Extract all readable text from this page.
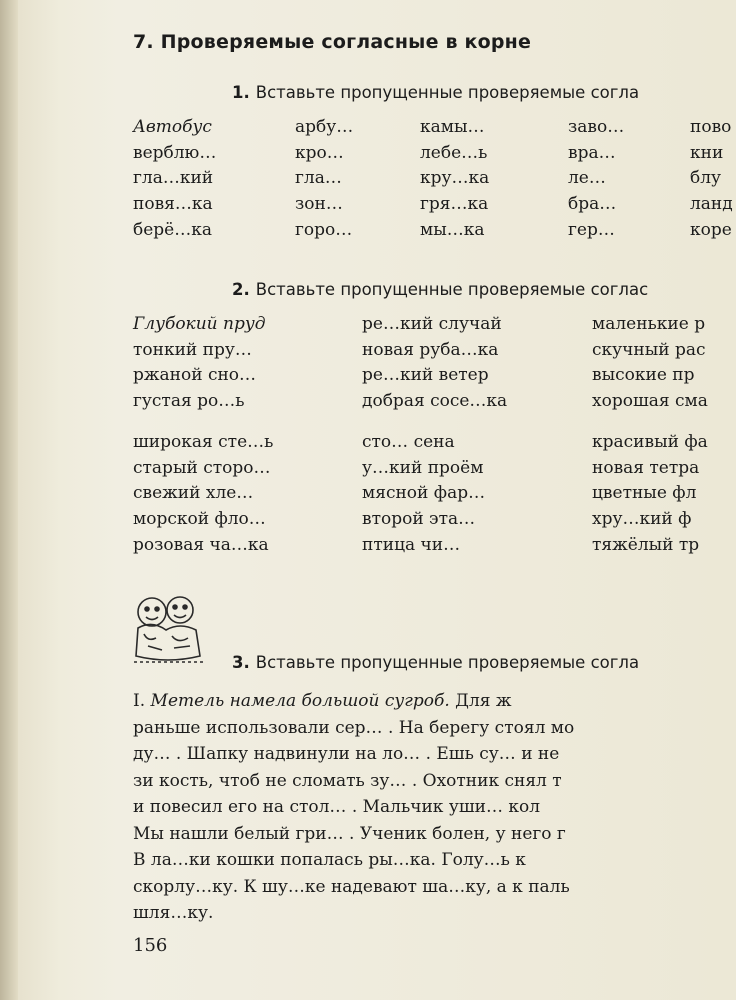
7. Проверяемые согласные в корне
1. Вставьте пропущенные проверяемые согла
Автобус
верблю…
гла…кий
повя…ка
берё…ка
арбу…
кро…
гла…
зон…
горо…
камы…
лебе…ь
кру…ка
гря…ка
мы…ка
заво…
вра…
ле…
бра…
гер…
пово
кни
блу
ланд
коре
2. Вставьте пропущенные проверяемые соглас
Глубокий пруд
тонкий пру…
ржаной сно…
густая ро…ь
ре…кий случай
новая руба…ка
ре…кий ветер
добрая сосе…ка
маленькие р
скучный рас
высокие пр
хорошая сма
широкая сте…ь
старый сторо…
свежий хле…
морской фло…
розовая ча…ка
сто… сена
у…кий проём
мясной фар…
второй эта…
птица чи…
красивый фа
новая тетра
цветные фл
хру…кий ф
тяжёлый тр
3. Вставьте пропущенные проверяемые согла
I. Метель намела большой сугроб. Для ж
раньше использовали сер… . На берегу стоял мо
ду… . Шапку надвинули на ло… . Ешь су… и не
зи кость, чтоб не сломать зу… . Охотник снял т
и повесил его на стол… . Мальчик уши… кол
Мы нашли белый гри… . Ученик болен, у него г
В ла…ки кошки попалась ры…ка. Голу…ь к
скорлу…ку. К шу…ке надевают ша…ку, а к паль
шля…ку.
156
